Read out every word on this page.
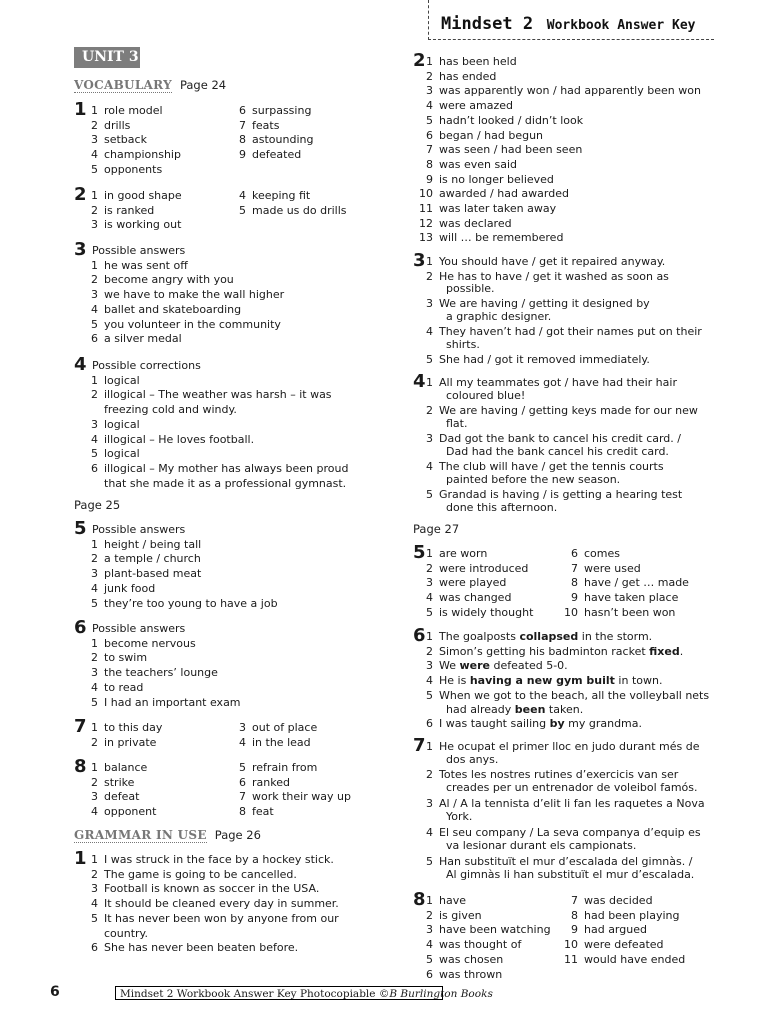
Mindset 2 Workbook Answer Key
UNIT 3
VOCABULARY Page 24
1 1 role model
2 drills
3 setback
4 championship
5 opponents
6 surpassing
7 feats
8 astounding
9 defeated
2 1 in good shape
2 is ranked
3 is working out
4 keeping fit
5 made us do drills
3 Possible answers
1 he was sent off
2 become angry with you
3 we have to make the wall higher
4 ballet and skateboarding
5 you volunteer in the community
6 a silver medal
4 Possible corrections
1 logical
2 illogical – The weather was harsh – it was
freezing cold and windy.
3 logical
4 illogical – He loves football.
5 logical
6 illogical – My mother has always been proud
that she made it as a professional gymnast.
Page 25
5 Possible answers
1 height / being tall
2 a temple / church
3 plant-based meat
4 junk food
5 they’re too young to have a job
6 Possible answers
1 become nervous
2 to swim
3 the teachers’ lounge
4 to read
5 I had an important exam
7 1 to this day
2 in private
3 out of place
4 in the lead
8 1 balance
2 strike
3 defeat
4 opponent
5 refrain from
6 ranked
7 work their way up
8 feat
GRAMMAR IN USE Page 26
1 1 I was struck in the face by a hockey stick.
2 The game is going to be cancelled.
3 Football is known as soccer in the USA.
4 It should be cleaned every day in summer.
5 It has never been won by anyone from our
country.
6 She has never been beaten before.
2 1 has been held
2 has ended
3 was apparently won / had apparently been won
4 were amazed
5 hadn’t looked / didn’t look
6 began / had begun
7 was seen / had been seen
8 was even said
9 is no longer believed
10 awarded / had awarded
11 was later taken away
12 was declared
13 will … be remembered
3 1 You should have / get it repaired anyway.
2 He has to have / get it washed as soon as
possible.
3 We are having / getting it designed by
a graphic designer.
4 They haven’t had / got their names put on their
shirts.
5 She had / got it removed immediately.
4 1 All my teammates got / have had their hair
coloured blue!
2 We are having / getting keys made for our new
flat.
3 Dad got the bank to cancel his credit card. /
Dad had the bank cancel his credit card.
4 The club will have / get the tennis courts
painted before the new season.
5 Grandad is having / is getting a hearing test
done this afternoon.
Page 27
5 1 are worn
2 were introduced
3 were played
4 was changed
5 is widely thought
6 comes
7 were used
8 have / get … made
9 have taken place
10 hasn’t been won
6 1 The goalposts collapsed in the storm.
2 Simon’s getting his badminton racket fixed.
3 We were defeated 5-0.
4 He is having a new gym built in town.
5 When we got to the beach, all the volleyball nets
had already been taken.
6 I was taught sailing by my grandma.
7 1 He ocupat el primer lloc en judo durant més de
dos anys.
2 Totes les nostres rutines d’exercicis van ser
creades per un entrenador de voleibol famós.
3 Al / A la tennista d’elit li fan les raquetes a Nova
York.
4 El seu company / La seva companya d’equip es
va lesionar durant els campionats.
5 Han substituït el mur d’escalada del gimnàs. /
Al gimnàs li han substituït el mur d’escalada.
8 1 have
2 is given
3 have been watching
4 was thought of
5 was chosen
6 was thrown
7 was decided
8 had been playing
9 had argued
10 were defeated
11 would have ended
6	Mindset 2 Workbook Answer Key Photocopiable ©B Burlington Books
